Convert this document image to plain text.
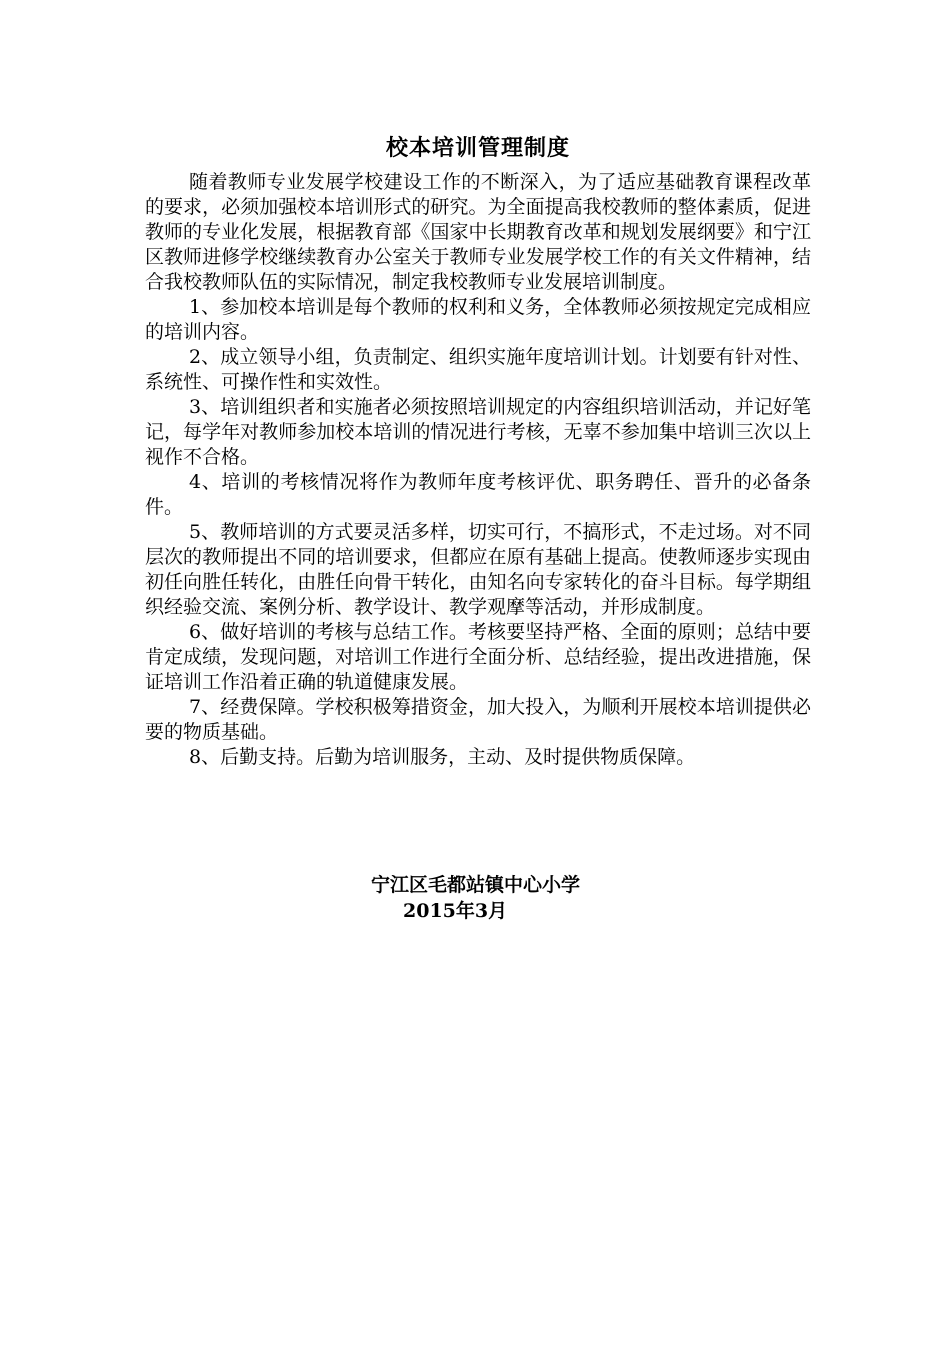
校本培训管理制度

随着教师专业发展学校建设工作的不断深入，为了适应基础教育课程改革的要求，必须加强校本培训形式的研究。为全面提高我校教师的整体素质，促进教师的专业化发展，根据教育部《国家中长期教育改革和规划发展纲要》和宁江区教师进修学校继续教育办公室关于教师专业发展学校工作的有关文件精神，结合我校教师队伍的实际情况，制定我校教师专业发展培训制度。

1、参加校本培训是每个教师的权利和义务，全体教师必须按规定完成相应的培训内容。

2、成立领导小组，负责制定、组织实施年度培训计划。计划要有针对性、系统性、可操作性和实效性。

3、培训组织者和实施者必须按照培训规定的内容组织培训活动，并记好笔记，每学年对教师参加校本培训的情况进行考核，无辜不参加集中培训三次以上视作不合格。

4、培训的考核情况将作为教师年度考核评优、职务聘任、晋升的必备条件。

5、教师培训的方式要灵活多样，切实可行，不搞形式，不走过场。对不同层次的教师提出不同的培训要求，但都应在原有基础上提高。使教师逐步实现由初任向胜任转化，由胜任向骨干转化，由知名向专家转化的奋斗目标。每学期组织经验交流、案例分析、教学设计、教学观摩等活动，并形成制度。

6、做好培训的考核与总结工作。考核要坚持严格、全面的原则；总结中要肯定成绩，发现问题，对培训工作进行全面分析、总结经验，提出改进措施，保证培训工作沿着正确的轨道健康发展。

7、经费保障。学校积极筹措资金，加大投入，为顺利开展校本培训提供必要的物质基础。

8、后勤支持。后勤为培训服务，主动、及时提供物质保障。

宁江区毛都站镇中心小学
2015年3月
